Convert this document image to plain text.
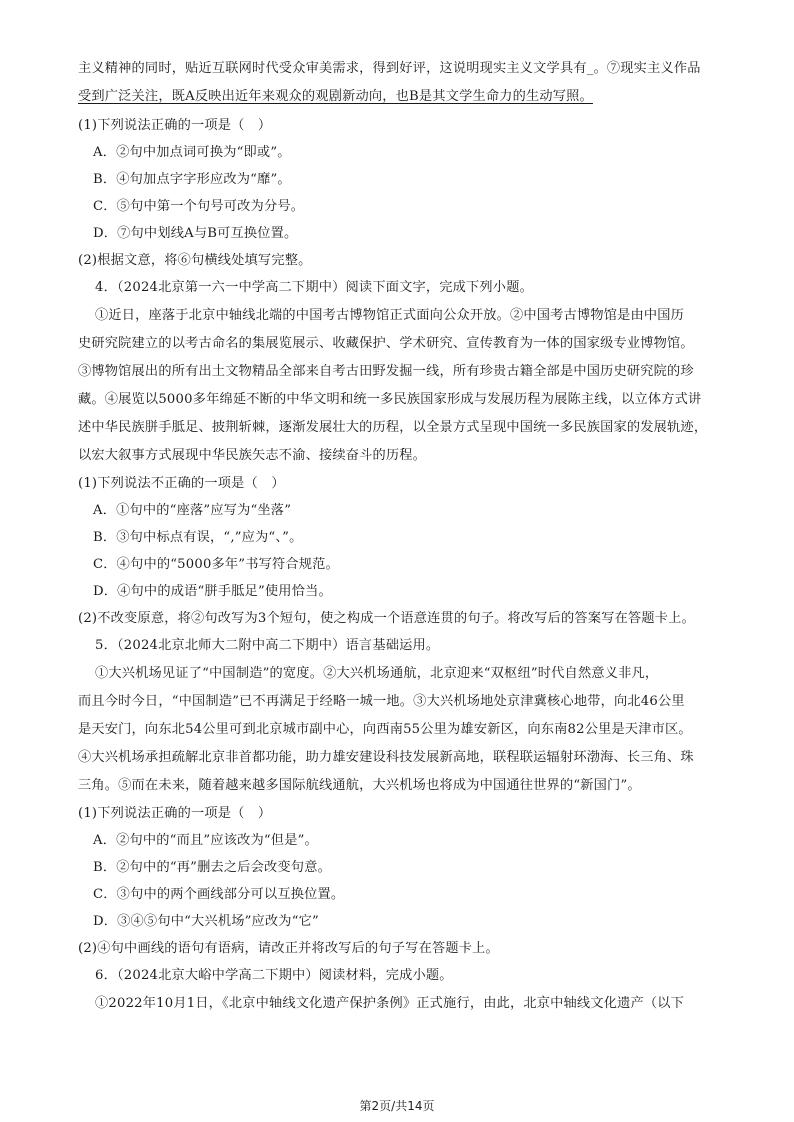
主义精神的同时，贴近互联网时代受众审美需求，得到好评，这说明现实主义文学具有_。⑦现实主义作品
受到广泛关注，既A反映出近年来观众的观剧新动向，也B是其文学生命力的生动写照。
(1)下列说法正确的一项是（　）
A．②句中加点词可换为“即或”。
B．④句加点字字形应改为“靡”。
C．⑤句中第一个句号可改为分号。
D．⑦句中划线A与B可互换位置。
(2)根据文意，将⑥句横线处填写完整。
4．（2024北京第一六一中学高二下期中）阅读下面文字，完成下列小题。
①近日，座落于北京中轴线北端的中国考古博物馆正式面向公众开放。②中国考古博物馆是由中国历
史研究院建立的以考古命名的集展览展示、收藏保护、学术研究、宣传教育为一体的国家级专业博物馆。
③博物馆展出的所有出土文物精品全部来自考古田野发掘一线，所有珍贵古籍全部是中国历史研究院的珍
藏。④展览以5000多年绵延不断的中华文明和统一多民族国家形成与发展历程为展陈主线，以立体方式讲
述中华民族胼手胝足、披荆斩棘，逐渐发展壮大的历程，以全景方式呈现中国统一多民族国家的发展轨迹，
以宏大叙事方式展现中华民族矢志不渝、接续奋斗的历程。
(1)下列说法不正确的一项是（　）
A．①句中的“座落”应写为“坐落”
B．③句中标点有误，“,”应为“、”。
C．④句中的“5000多年”书写符合规范。
D．④句中的成语“胼手胝足”使用恰当。
(2)不改变原意，将②句改写为3个短句，使之构成一个语意连贯的句子。将改写后的答案写在答题卡上。
5．（2024北京北师大二附中高二下期中）语言基础运用。
①大兴机场见证了“中国制造”的宽度。②大兴机场通航，北京迎来“双枢纽”时代自然意义非凡，
而且今时今日，“中国制造”已不再满足于经略一城一地。③大兴机场地处京津冀核心地带，向北46公里
是天安门，向东北54公里可到北京城市副中心，向西南55公里为雄安新区，向东南82公里是天津市区。
④大兴机场承担疏解北京非首都功能，助力雄安建设科技发展新高地，联程联运辐射环渤海、长三角、珠
三角。⑤而在未来，随着越来越多国际航线通航，大兴机场也将成为中国通往世界的“新国门”。
(1)下列说法正确的一项是（　）
A．②句中的“而且”应该改为“但是”。
B．②句中的“再”删去之后会改变句意。
C．③句中的两个画线部分可以互换位置。
D．③④⑤句中“大兴机场”应改为“它”
(2)④句中画线的语句有语病，请改正并将改写后的句子写在答题卡上。
6．（2024北京大峪中学高二下期中）阅读材料，完成小题。
①2022年10月1日，《北京中轴线文化遗产保护条例》正式施行，由此，北京中轴线文化遗产（以下
第2页/共14页
